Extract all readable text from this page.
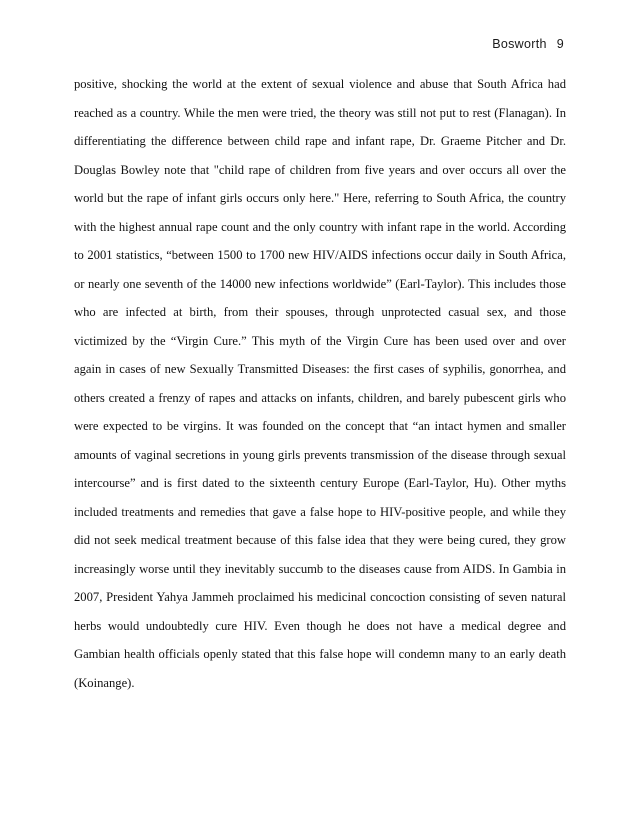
Bosworth 9
positive, shocking the world at the extent of sexual violence and abuse that South Africa had
reached as a country. While the men were tried, the theory was still not put to rest (Flanagan). In
differentiating the difference between child rape and infant rape, Dr. Graeme Pitcher and Dr.
Douglas Bowley note that "child rape of children from five years and over occurs all over the
world but the rape of infant girls occurs only here." Here, referring to South Africa, the country
with the highest annual rape count and the only country with infant rape in the world. According
to 2001 statistics, “between 1500 to 1700 new HIV/AIDS infections occur daily in South Africa,
or nearly one seventh of the 14000 new infections worldwide” (Earl-Taylor). This includes those
who are infected at birth, from their spouses, through unprotected casual sex, and those
victimized by the “Virgin Cure.” This myth of the Virgin Cure has been used over and over
again in cases of new Sexually Transmitted Diseases: the first cases of syphilis, gonorrhea, and
others created a frenzy of rapes and attacks on infants, children, and barely pubescent girls who
were expected to be virgins. It was founded on the concept that “an intact hymen and smaller
amounts of vaginal secretions in young girls prevents transmission of the disease through sexual
intercourse” and is first dated to the sixteenth century Europe (Earl-Taylor, Hu). Other myths
included treatments and remedies that gave a false hope to HIV-positive people, and while they
did not seek medical treatment because of this false idea that they were being cured, they grow
increasingly worse until they inevitably succumb to the diseases cause from AIDS. In Gambia in
2007, President Yahya Jammeh proclaimed his medicinal concoction consisting of seven natural
herbs would undoubtedly cure HIV. Even though he does not have a medical degree and
Gambian health officials openly stated that this false hope will condemn many to an early death
(Koinange).
